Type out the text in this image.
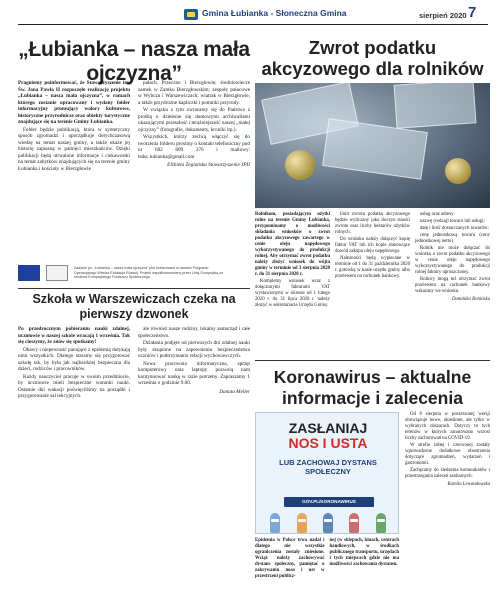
Gmina Łubianka - Słoneczna Gmina	sierpień 2020 7
„Łubianka – nasza mała ojczyzna”

Pragniemy poinformować, że Stowarzyszenie im. Św. Jana Pawła II rozpoczęło realizację projektu „Łubianka – nasza mała ojczyzna”, w ramach którego zostanie opracowany i wydany folder informacyjny promujący walory kulturowe, historyczne przyrodnicze oraz obiekty turystyczne znajdujące się na terenie Gminy Łubianka.

Folder będzie publikacją, która w syntetyczny sposób zgromadzi i uporządkuje dotychczasową wiedzę na temat naszej gminy, a także ukaże jej historię zapisaną w pamięci mieszkańców. Dzięki publikacji będą utrwalone informacje i ciekawostki na temat zabytków znajdujących się na terenie gminy Łubianka i kościoły w Bierzgłowie

pałach, Przeczno i Bierzgłowie; średniowiecze zamek w Zamku Bierzgłowskim; zespoły pałacowe w Wybczu i Warszewiczach; wiatrak w Bierzgłowie, a także przydrożne kapliczki i pomniki przyrody.

W związku z tym zwracamy się do Państwa z prośbą o dzielenie się domowymi archiwaliami ukazującymi przeszłość i teraźniejszość naszej „małej ojczyzny” (fotografie, dokumenty, kroniki itp.).

Wszystkich, którzy zechcą włączyć się do tworzenia folderu prosimy o kontakt telefoniczny pod nr 602 809 376 i mailowy: tsdsc.lubianka@gmail.com

Elżbieta Zegiańska Stowarzyszenie JPII

Zadanie pn. „Łubianka – nasza mała ojczyzna” jest realizowane w ramach Programu Operacyjnego Wiedza Edukacja Rozwój. Projekt współfinansowany przez Unię Europejską ze środków Europejskiego Funduszu Społecznego.
Szkoła w Warszewiczach czeka na pierwszy dzwonek

Po przedrocznym pobieraniu nauki zdalnej, uczniowie w naszej szkole wracają 1 września. Tak się cieszymy, że znów się spotkamy!

Obawy i niepewność panujące z epidemią dotykają nimi wszystkich. Dlatego staramy się przygotować szkołę tak, by była jak najbardziej bezpieczna dla dzieci, rodziców i pracowników.

Każdy nauczyciel pracuje w swoim przedmiocie, by uczniowie mieli bezpieczne warunki nauki. Ostatnie dni wakacji poświęciliśmy na porządki i przygotowanie sal lekcyjnych.

ale również nasze rodziny, lokalny samorząd i całe społeczeństwo.

Działania podjęte od pierwszych dni zdalnej nauki były skupione na zapewnieniu bezpieczeństwa uczniów i podtrzymaniu relacji wychowawczych.

Nowa pracownia informatyczna, sprzęt komputerowy oraz laptopy pozwolą nam kontynuować naukę w razie potrzeby. Zapraszamy 1 września o godzinie 9.00.

Danuta Meller

Zwrot podatku akcyzowego dla rolników

Rolnikom, posiadającym użytki rolne na terenie Gminy Łubianka, przypominamy o możliwości składania wniosków o zwrot podatku akcyzowego zawartego w cenie oleju napędowego wykorzystywanego do produkcji rolnej. Aby otrzymać zwrot podatku należy złożyć wniosek do wójta gminy w terminie od 3 sierpnia 2020 r. do 31 sierpnia 2020 r.

Kompletny wniosek wraz z dołączonymi fakturami VAT wystawionymi w okresie od 1 lutego 2020 r. do 31 lipca 2020 r. należy złożyć w sekretariacie Urzędu Gminy.

limit zwrotu podatku akcyzowego będzie wyliczany jako iloczyn stawki zwrotu oraz liczby hektarów użytków rolnych.

Do wniosku należy dołączyć kopię faktur VAT lub ich kopie stanowiące dowód zakupu oleju napędowego.

Należności będą wypłacane w terminie od 1 do 31 października 2020 r. gotówką w kasie urzędu gminy albo przelewem na rachunek bankowy.

usług oraz adresy:

nazwę (rodzaj) towaru lub usługi;

datę i ilość dostarczanych towarów;

cenę jednostkową towaru (ceny jednostkowej netto).

Rolnik nie może dołączać do wniosku o zwrot podatku akcyzowego w cenie oleju napędowego wykorzystywanego do produkcji rolnej faktury uproszczonej.

Rolnicy mogą też otrzymać zwrot przelewem na rachunek bankowy wskazany we wniosku.

Dominika Bonińska

Koronawirus – aktualne informacje i zalecenia
ZASŁANIAJ
NOS I USTA
LUB ZACHOWAJ DYSTANS SPOŁECZNY
GOV.PL/KORONAWIRUS

Od 8 sierpnia w poszerzonej wersji obowiązuje nowe, określone, ale tylko w wybranych obszarach. Dotyczy to tych terenów w których zanotowano wzrost liczby zachorowań na COVID-19.

W strefie żółtej i czerwonej zostały wprowadzone dodatkowe obostrzenia dotyczące zgromadzeń, wydarzeń i gastronomii.

Zachęcamy do śledzenia komunikatów i przestrzegania zaleceń sanitarnych.

Kamila Lewandowska

Epidemia w Polsce trwa nadal i dlatego nie wszystkie ograniczenia zostały zniesione. Wciąż należy zachowywać dystans społeczny, pamiętać o zakrywaniu nosa i ust w przestrzeni publicz-

nej (w sklepach, kinach, centrach handlowych, w środkach publicznego transportu, urzędach i tych miejscach gdzie nie ma możliwości zachowania dystansu.
